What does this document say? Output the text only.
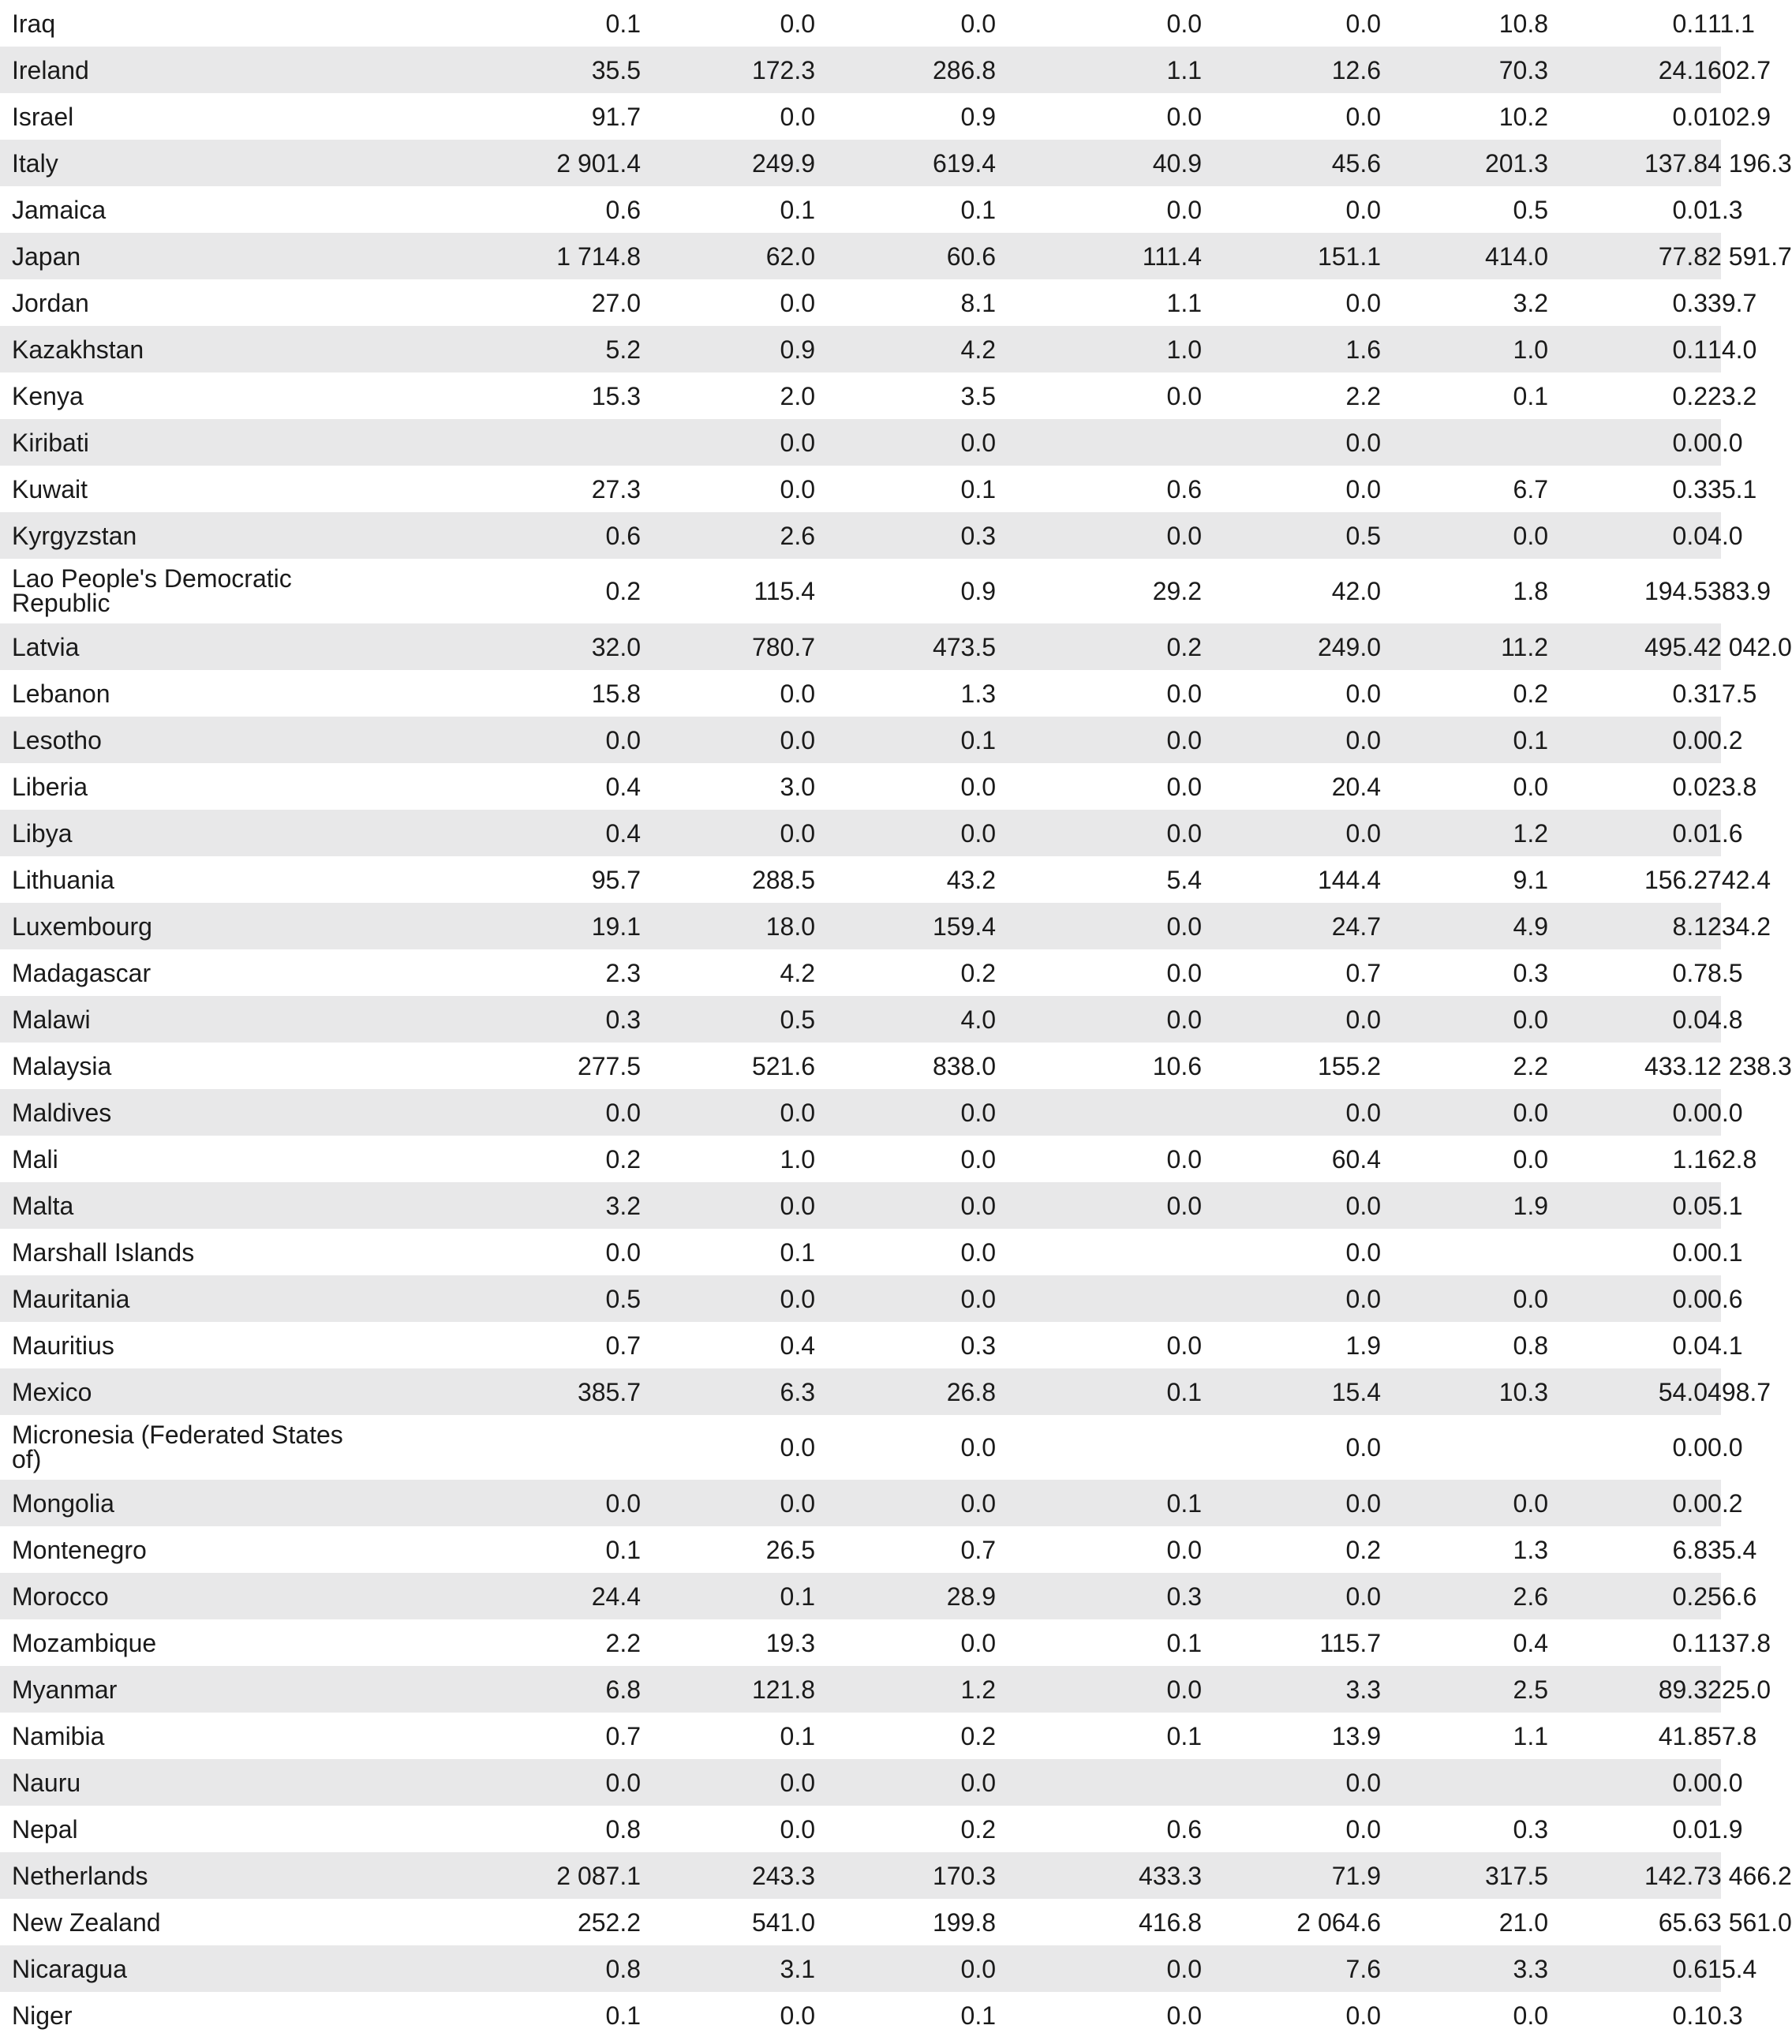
Iraq	0.1	0.0	0.0	0.0	0.0	10.8	0.1	11.1	
Ireland	35.5	172.3	286.8	1.1	12.6	70.3	24.1	602.7	
Israel	91.7	0.0	0.9	0.0	0.0	10.2	0.0	102.9	
Italy	2 901.4	249.9	619.4	40.9	45.6	201.3	137.8	4 196.3	
Jamaica	0.6	0.1	0.1	0.0	0.0	0.5	0.0	1.3	
Japan	1 714.8	62.0	60.6	111.4	151.1	414.0	77.8	2 591.7	
Jordan	27.0	0.0	8.1	1.1	0.0	3.2	0.3	39.7	
Kazakhstan	5.2	0.9	4.2	1.0	1.6	1.0	0.1	14.0	
Kenya	15.3	2.0	3.5	0.0	2.2	0.1	0.2	23.2	
Kiribati		0.0	0.0		0.0		0.0	0.0	
Kuwait	27.3	0.0	0.1	0.6	0.0	6.7	0.3	35.1	
Kyrgyzstan	0.6	2.6	0.3	0.0	0.5	0.0	0.0	4.0	
Lao People's Democratic Republic	0.2	115.4	0.9	29.2	42.0	1.8	194.5	383.9	
Latvia	32.0	780.7	473.5	0.2	249.0	11.2	495.4	2 042.0	
Lebanon	15.8	0.0	1.3	0.0	0.0	0.2	0.3	17.5	
Lesotho	0.0	0.0	0.1	0.0	0.0	0.1	0.0	0.2	
Liberia	0.4	3.0	0.0	0.0	20.4	0.0	0.0	23.8	
Libya	0.4	0.0	0.0	0.0	0.0	1.2	0.0	1.6	
Lithuania	95.7	288.5	43.2	5.4	144.4	9.1	156.2	742.4	
Luxembourg	19.1	18.0	159.4	0.0	24.7	4.9	8.1	234.2	
Madagascar	2.3	4.2	0.2	0.0	0.7	0.3	0.7	8.5	
Malawi	0.3	0.5	4.0	0.0	0.0	0.0	0.0	4.8	
Malaysia	277.5	521.6	838.0	10.6	155.2	2.2	433.1	2 238.3	
Maldives	0.0	0.0	0.0		0.0	0.0	0.0	0.0	
Mali	0.2	1.0	0.0	0.0	60.4	0.0	1.1	62.8	
Malta	3.2	0.0	0.0	0.0	0.0	1.9	0.0	5.1	
Marshall Islands	0.0	0.1	0.0		0.0		0.0	0.1	
Mauritania	0.5	0.0	0.0		0.0	0.0	0.0	0.6	
Mauritius	0.7	0.4	0.3	0.0	1.9	0.8	0.0	4.1	
Mexico	385.7	6.3	26.8	0.1	15.4	10.3	54.0	498.7	
Micronesia (Federated States of)		0.0	0.0		0.0		0.0	0.0	
Mongolia	0.0	0.0	0.0	0.1	0.0	0.0	0.0	0.2	
Montenegro	0.1	26.5	0.7	0.0	0.2	1.3	6.8	35.4	
Morocco	24.4	0.1	28.9	0.3	0.0	2.6	0.2	56.6	
Mozambique	2.2	19.3	0.0	0.1	115.7	0.4	0.1	137.8	
Myanmar	6.8	121.8	1.2	0.0	3.3	2.5	89.3	225.0	
Namibia	0.7	0.1	0.2	0.1	13.9	1.1	41.8	57.8	
Nauru	0.0	0.0	0.0		0.0		0.0	0.0	
Nepal	0.8	0.0	0.2	0.6	0.0	0.3	0.0	1.9	
Netherlands	2 087.1	243.3	170.3	433.3	71.9	317.5	142.7	3 466.2	
New Zealand	252.2	541.0	199.8	416.8	2 064.6	21.0	65.6	3 561.0	
Nicaragua	0.8	3.1	0.0	0.0	7.6	3.3	0.6	15.4	
Niger	0.1	0.0	0.1	0.0	0.0	0.0	0.1	0.3	
